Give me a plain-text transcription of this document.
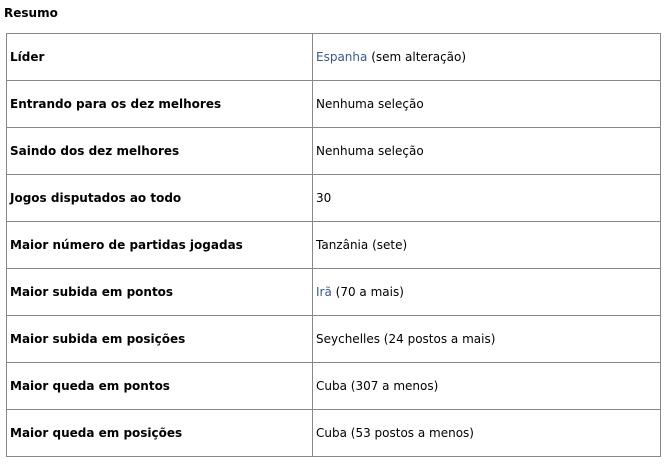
Resumo
Líder	Espanha (sem alteração)
Entrando para os dez melhores	Nenhuma seleção
Saindo dos dez melhores	Nenhuma seleção
Jogos disputados ao todo	30
Maior número de partidas jogadas	Tanzânia (sete)
Maior subida em pontos	Irã (70 a mais)
Maior subida em posições	Seychelles (24 postos a mais)
Maior queda em pontos	Cuba (307 a menos)
Maior queda em posições	Cuba (53 postos a menos)
